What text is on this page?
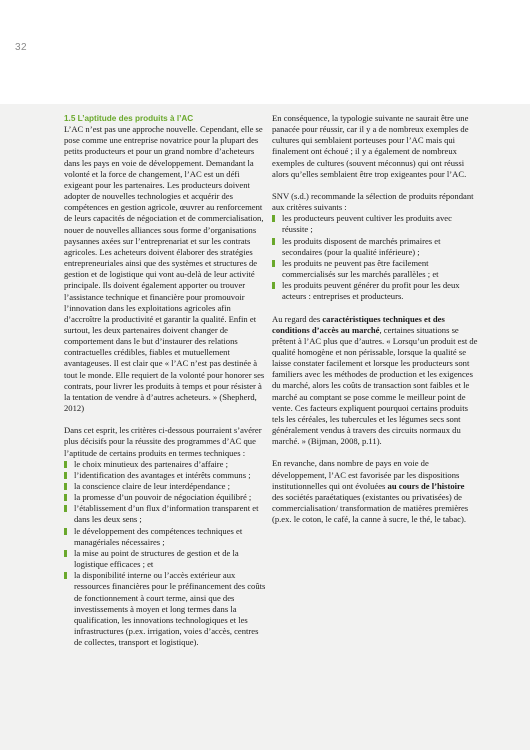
32
1.5 L’aptitude des produits à l’AC

L’AC n’est pas une approche nouvelle. Cependant, elle se pose comme une entreprise novatrice pour la plupart des petits producteurs et pour un grand nombre d’acheteurs dans les pays en voie de développement. Demandant la volonté et la force de changement, l’AC est un défi exigeant pour les partenaires. Les producteurs doivent adopter de nouvelles technologies et acquérir des compétences en gestion agricole, œuvrer au renforcement de leurs capacités de négociation et de commercialisation, nouer de nouvelles alliances sous forme d’organisations paysannes axées sur l’entreprenariat et sur les contrats agricoles. Les acheteurs doivent élaborer des stratégies entrepreneuriales ainsi que des systèmes et structures de gestion et de logistique qui vont au-delà de leur activité principale. Ils doivent également apporter ou trouver l’assistance technique et financière pour promouvoir l’innovation dans les exploitations agricoles afin d’accroître la productivité et garantir la qualité. Enfin et surtout, les deux partenaires doivent changer de comportement dans le but d’instaurer des relations contractuelles crédibles, fiables et mutuellement avantageuses. Il est clair que « l’AC n’est pas destinée à tout le monde. Elle requiert de la volonté pour honorer ses contrats, pour livrer les produits à temps et pour résister à la tentation de vendre à d’autres acheteurs. » (Shepherd, 2012)

Dans cet esprit, les critères ci-dessous pourraient s’avérer plus décisifs pour la réussite des programmes d’AC que l’aptitude de certains produits en termes techniques :

le choix minutieux des partenaires d’affaire ;
l’identification des avantages et intérêts communs ;
la conscience claire de leur interdépendance ;
la promesse d’un pouvoir de négociation équilibré ;
l’établissement d’un flux d’information transparent et dans les deux sens ;
le développement des compétences techniques et managériales nécessaires ;
la mise au point de structures de gestion et de la logistique efficaces ; et
la disponibilité interne ou l’accès extérieur aux ressources financières pour le préfinancement des coûts de fonctionnement à court terme, ainsi que des investissements à moyen et long termes dans la qualification, les innovations technologiques et les infrastructures (p.ex. irrigation, voies d’accès, centres de collectes, transport et logistique).

En conséquence, la typologie suivante ne saurait être une panacée pour réussir, car il y a de nombreux exemples de cultures qui semblaient porteuses pour l’AC mais qui finalement ont échoué ; il y a également de nombreux exemples de cultures (souvent méconnus) qui ont réussi alors qu’elles semblaient être trop exigeantes pour l’AC.

SNV (s.d.) recommande la sélection de produits répondant aux critères suivants :

les producteurs peuvent cultiver les produits avec réussite ;
les produits disposent de marchés primaires et secondaires (pour la qualité inférieure) ;
les produits ne peuvent pas être facilement commercialisés sur les marchés parallèles ; et
les produits peuvent générer du profit pour les deux acteurs : entreprises et producteurs.

Au regard des caractéristiques techniques et des conditions d’accès au marché, certaines situations se prêtent à l’AC plus que d’autres. « Lorsqu’un produit est de qualité homogène et non périssable, lorsque la qualité se laisse constater facilement et lorsque les producteurs sont familiers avec les méthodes de production et les exigences du marché, alors les coûts de transaction sont faibles et le marché au comptant se pose comme le meilleur point de vente. Ces facteurs expliquent pourquoi certains produits tels les céréales, les tubercules et les légumes secs sont généralement vendus à travers des circuits normaux du marché. » (Bijman, 2008, p.11).

En revanche, dans nombre de pays en voie de développement, l’AC est favorisée par les dispositions institutionnelles qui ont évoluées au cours de l’histoire des sociétés paraétatiques (existantes ou privatisées) de commercialisation/ transformation de matières premières (p.ex. le coton, le café, la canne à sucre, le thé, le tabac).
